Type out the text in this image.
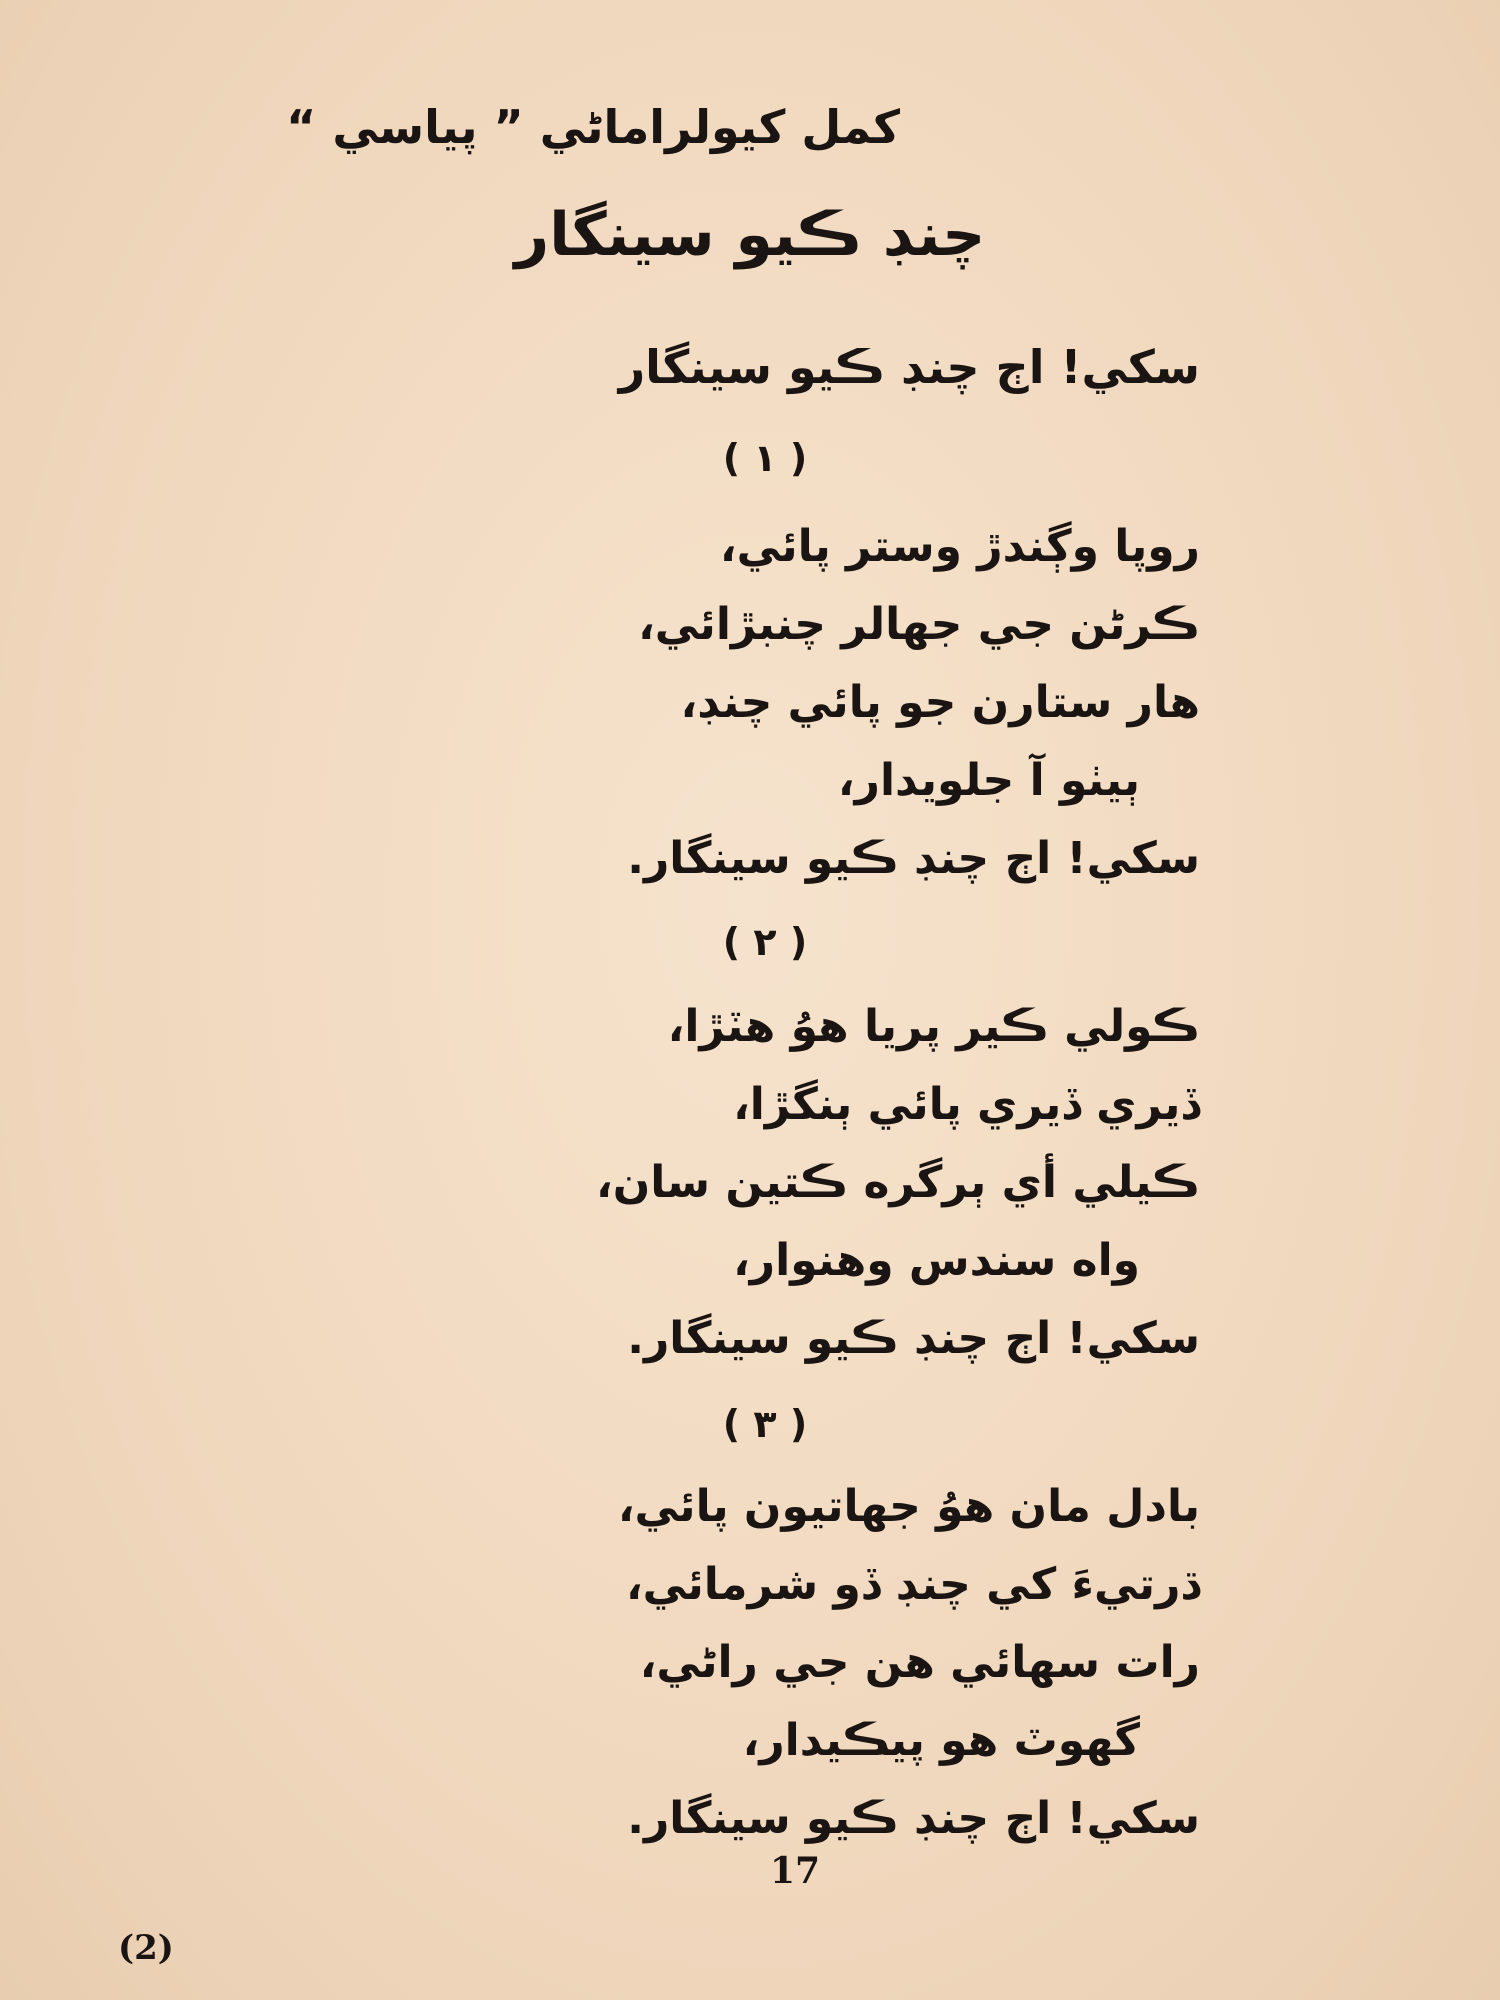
كمل كيولراماڻي ” پياسي “
چنڊ ڪيو سينگار
سکي! اڄ چنڊ ڪيو سينگار
( ١ )
روپا وڳندڙ وستر پائي،
ڪرڻن جي جهالر چنبڙائي،
هار ستارن جو پائي چنڊ،
ٻيٺو آ جلويدار،
سکي! اڄ چنڊ ڪيو سينگار.
( ٢ )
ڪولي ڪير پريا هوُ هٽڙا،
ڏيري ڏيري پائي ٻنگڙا،
ڪيلي أي ٻرگره ڪتين سان،
واه سندس وهنوار،
سکي! اڄ چنڊ ڪيو سينگار.
( ٣ )
بادل مان هوُ جهاتيون پائي،
ڌرتيءَ کي چنڊ ڏو شرمائي،
رات سهائي هن جي راڻي،
گهوٽ هو پيڪيدار،
سکي! اڄ چنڊ ڪيو سينگار.
17
(2)
